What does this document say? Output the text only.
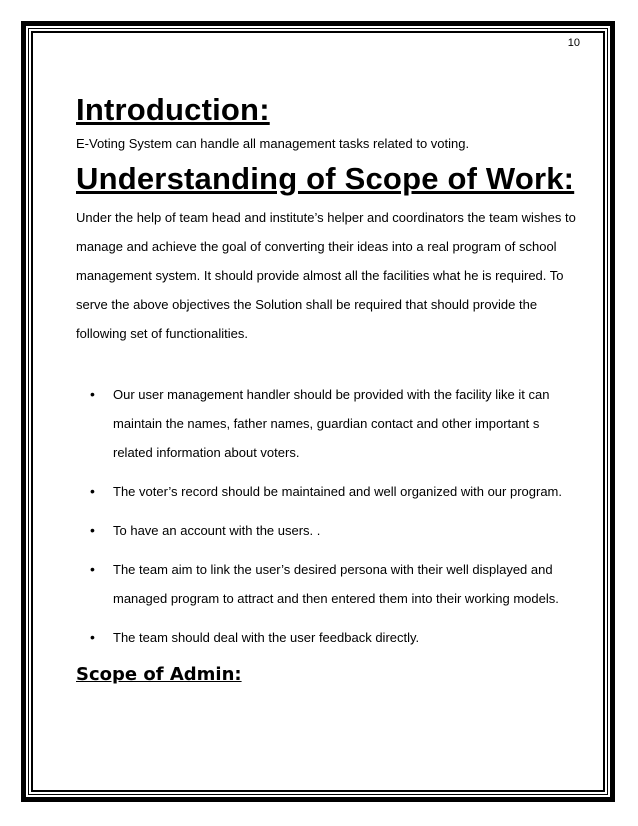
10
Introduction:

E-Voting System can handle all management tasks related to voting.

Understanding of Scope of Work:

Under the help of team head and institute’s helper and coordinators the team wishes to manage and achieve the goal of converting their ideas into a real program of school management system. It should provide almost all the facilities what he is required. To serve the above objectives the Solution shall be required that should provide the following set of functionalities.

• Our user management handler should be provided with the facility like it can maintain the names, father names, guardian contact and other important s related information about voters.
• The voter’s record should be maintained and well organized with our program.
• To have an account with the users. .
• The team aim to link the user’s desired persona with their well displayed and managed program to attract and then entered them into their working models.
• The team should deal with the user feedback directly.
Scope of Admin:
